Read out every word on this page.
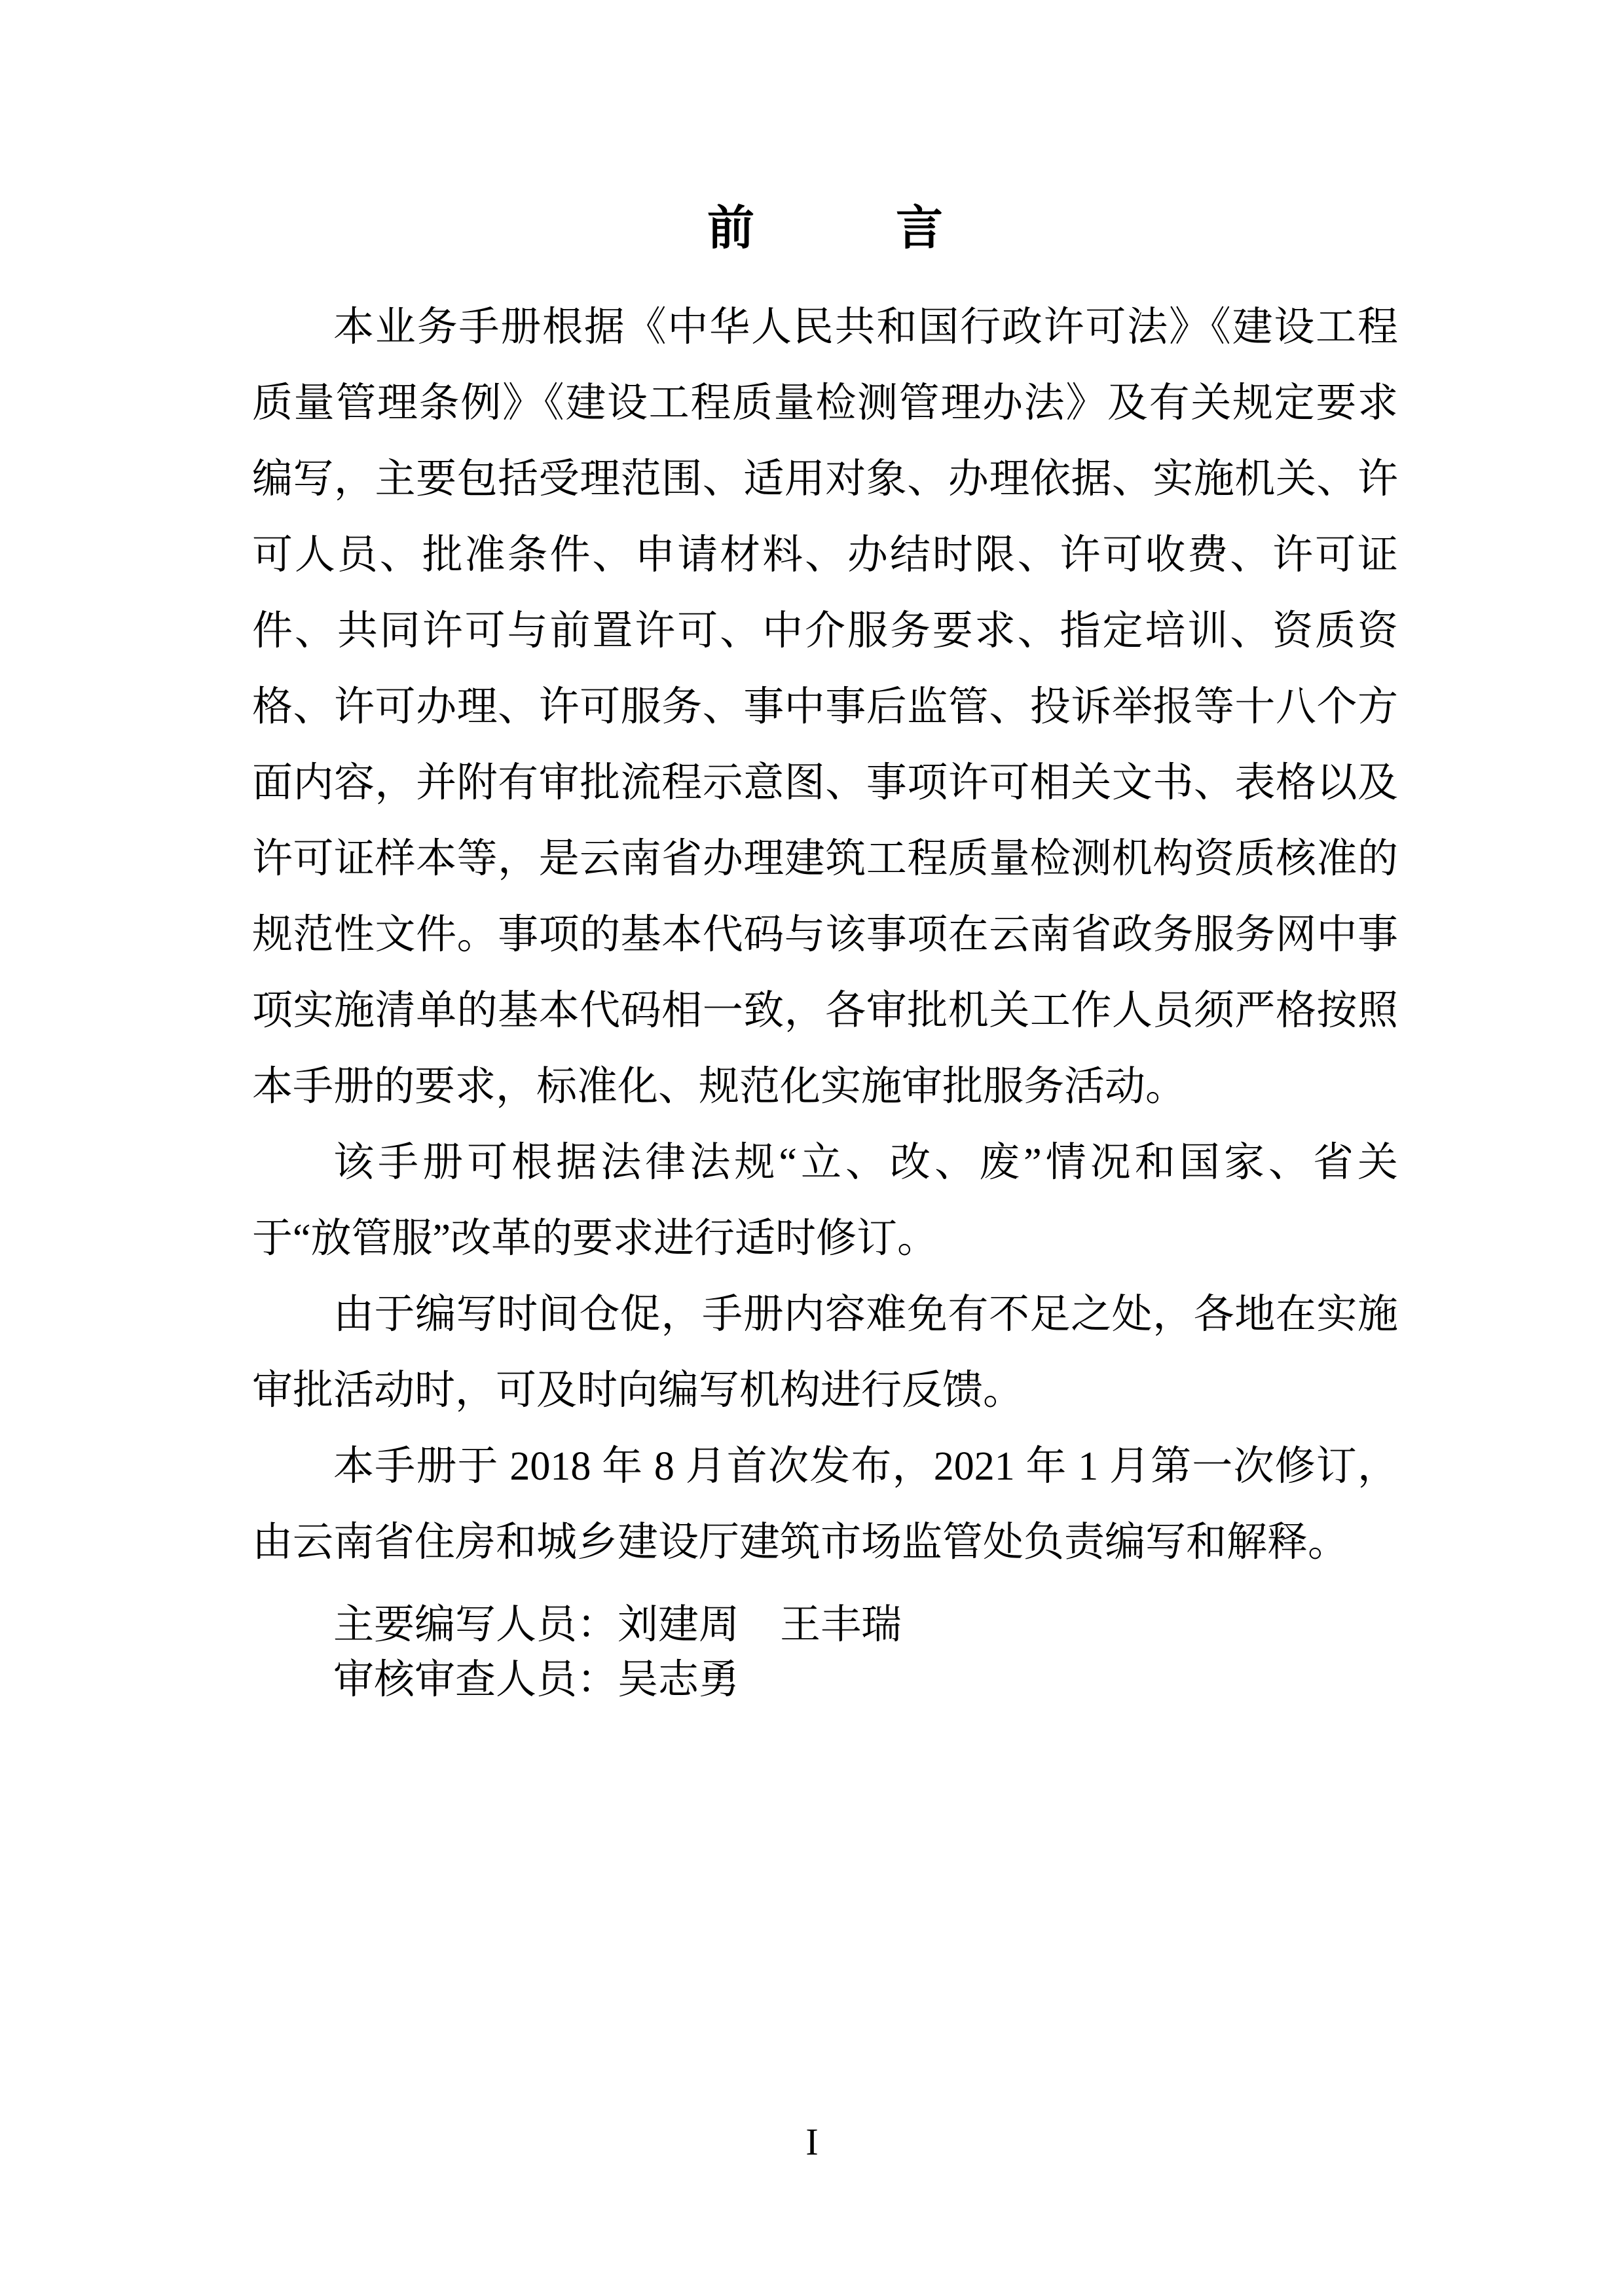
前　　　言

本业务手册根据《中华人民共和国行政许可法》《建设工程质量管理条例》《建设工程质量检测管理办法》及有关规定要求编写，主要包括受理范围、适用对象、办理依据、实施机关、许可人员、批准条件、申请材料、办结时限、许可收费、许可证件、共同许可与前置许可、中介服务要求、指定培训、资质资格、许可办理、许可服务、事中事后监管、投诉举报等十八个方面内容，并附有审批流程示意图、事项许可相关文书、表格以及许可证样本等，是云南省办理建筑工程质量检测机构资质核准的规范性文件。事项的基本代码与该事项在云南省政务服务网中事项实施清单的基本代码相一致，各审批机关工作人员须严格按照本手册的要求，标准化、规范化实施审批服务活动。

该手册可根据法律法规“立、改、废”情况和国家、省关于“放管服”改革的要求进行适时修订。

由于编写时间仓促，手册内容难免有不足之处，各地在实施审批活动时，可及时向编写机构进行反馈。

本手册于 2018 年 8 月首次发布，2021 年 1 月第一次修订，由云南省住房和城乡建设厅建筑市场监管处负责编写和解释。

主要编写人员：刘建周　王丰瑞
审核审查人员：吴志勇
I
